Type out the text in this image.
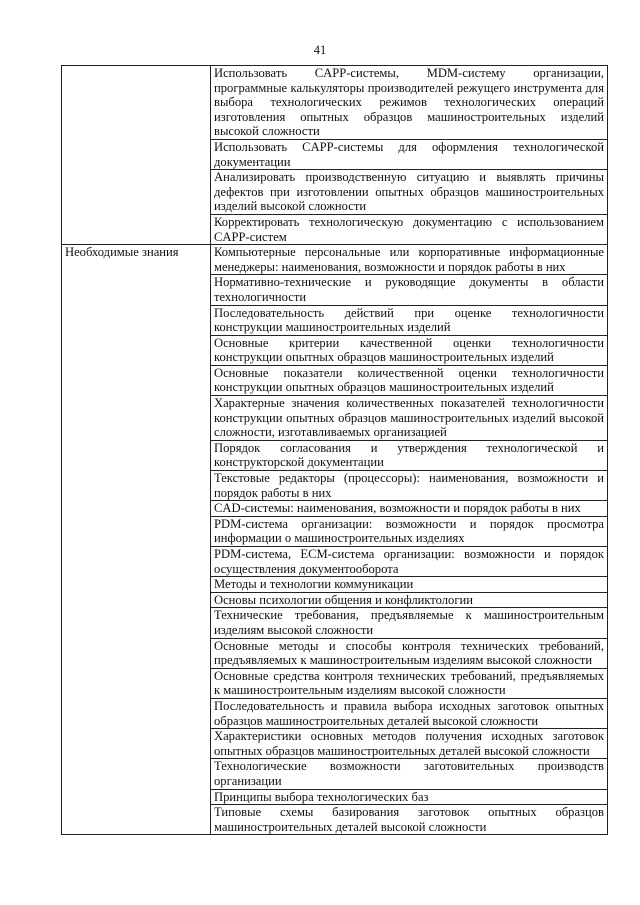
41
	Использовать CAPP-системы, MDM-систему организации, программные калькуляторы производителей режущего инструмента для выбора технологических режимов технологических операций изготовления опытных образцов машиностроительных изделий высокой сложности
	Использовать CAPP-системы для оформления технологической документации
	Анализировать производственную ситуацию и выявлять причины дефектов при изготовлении опытных образцов машиностроительных изделий высокой сложности
	Корректировать технологическую документацию с использованием CAPP-систем
Необходимые знания	Компьютерные персональные или корпоративные информационные менеджеры: наименования, возможности и порядок работы в них
	Нормативно-технические и руководящие документы в области технологичности
	Последовательность действий при оценке технологичности конструкции машиностроительных изделий
	Основные критерии качественной оценки технологичности конструкции опытных образцов машиностроительных изделий
	Основные показатели количественной оценки технологичности конструкции опытных образцов машиностроительных изделий
	Характерные значения количественных показателей технологичности конструкции опытных образцов машиностроительных изделий высокой сложности, изготавливаемых организацией
	Порядок согласования и утверждения технологической и конструкторской документации
	Текстовые редакторы (процессоры): наименования, возможности и порядок работы в них
	CAD-системы: наименования, возможности и порядок работы в них
	PDM-система организации: возможности и порядок просмотра информации о машиностроительных изделиях
	PDM-система, ECM-система организации: возможности и порядок осуществления документооборота
	Методы и технологии коммуникации
	Основы психологии общения и конфликтологии
	Технические требования, предъявляемые к машиностроительным изделиям высокой сложности
	Основные методы и способы контроля технических требований, предъявляемых к машиностроительным изделиям высокой сложности
	Основные средства контроля технических требований, предъявляемых к машиностроительным изделиям высокой сложности
	Последовательность и правила выбора исходных заготовок опытных образцов машиностроительных деталей высокой сложности
	Характеристики основных методов получения исходных заготовок опытных образцов машиностроительных деталей высокой сложности
	Технологические возможности заготовительных производств организации
	Принципы выбора технологических баз
	Типовые схемы базирования заготовок опытных образцов машиностроительных деталей высокой сложности
